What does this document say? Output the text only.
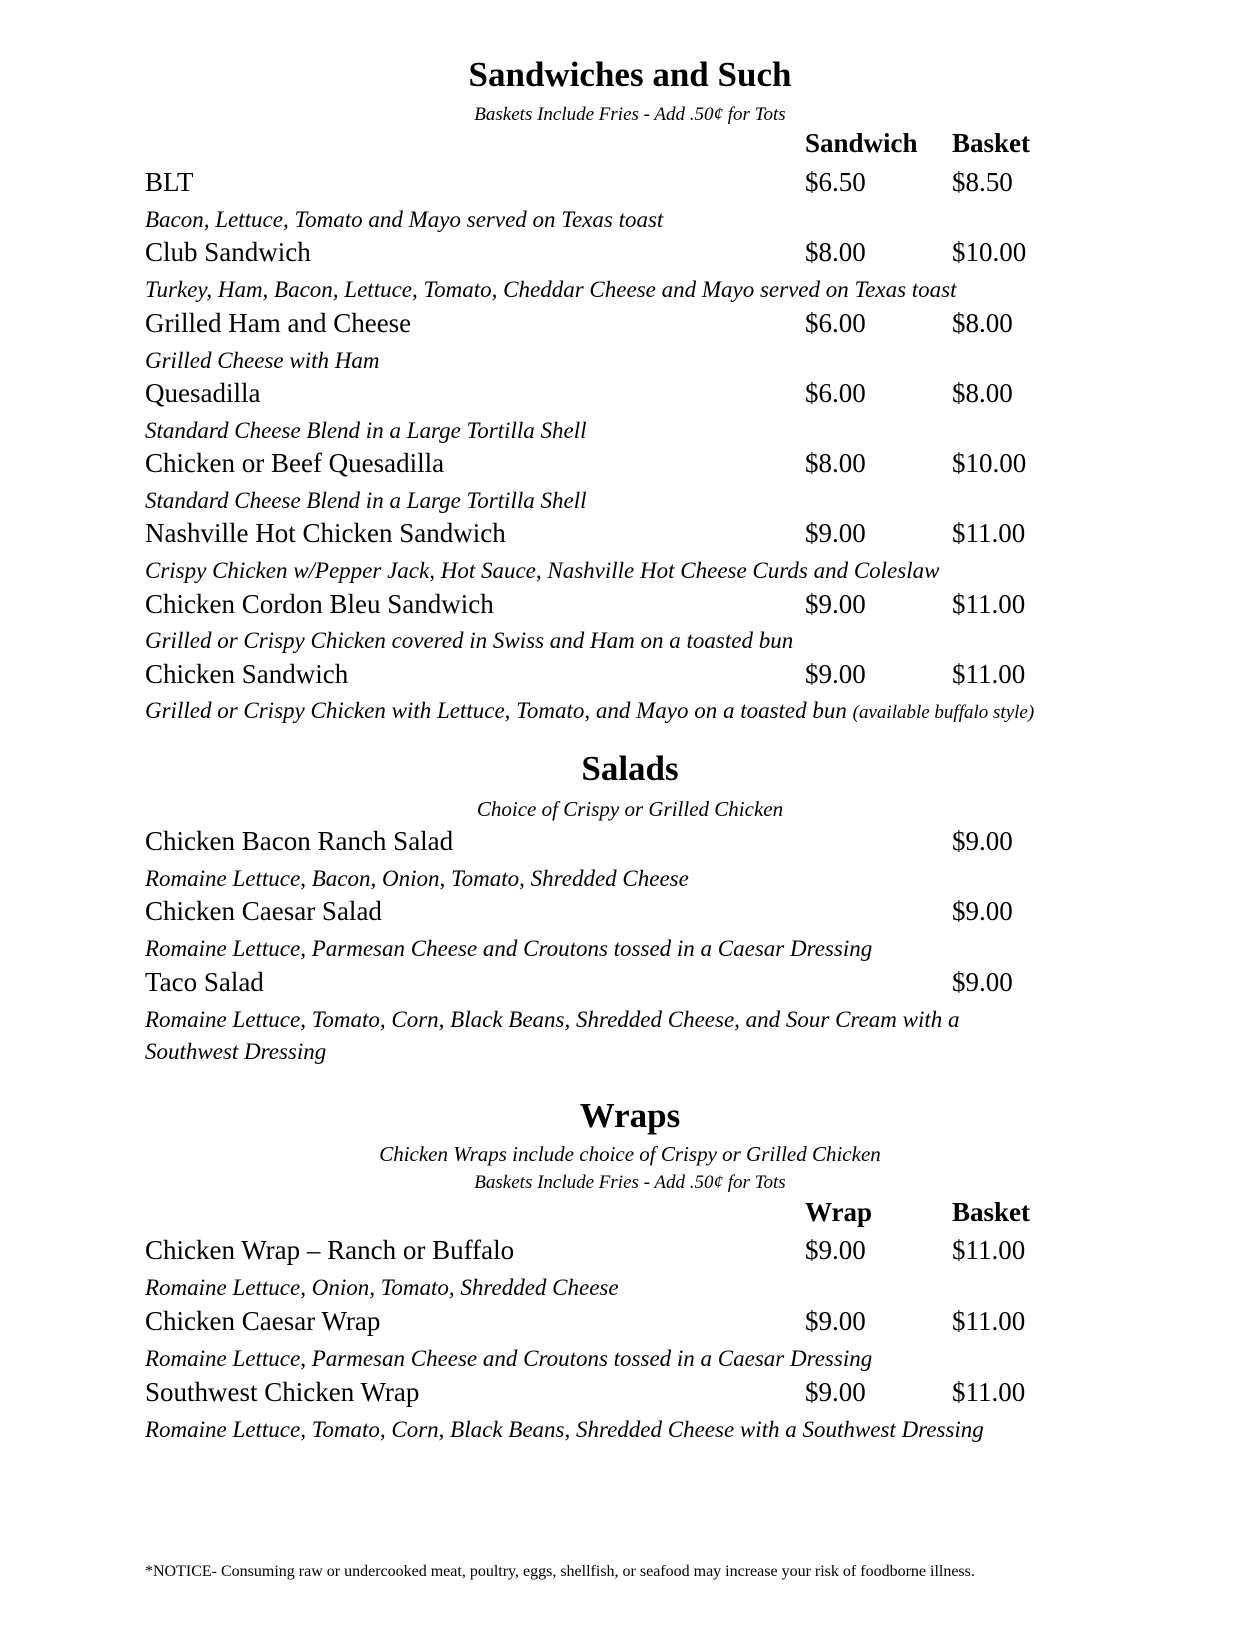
Sandwiches and Such
Baskets Include Fries - Add .50¢ for Tots
Sandwich Basket
BLT	$6.50	$8.50
Bacon, Lettuce, Tomato and Mayo served on Texas toast
Club Sandwich	$8.00	$10.00
Turkey, Ham, Bacon, Lettuce, Tomato, Cheddar Cheese and Mayo served on Texas toast
Grilled Ham and Cheese	$6.00	$8.00
Grilled Cheese with Ham
Quesadilla	$6.00	$8.00
Standard Cheese Blend in a Large Tortilla Shell
Chicken or Beef Quesadilla	$8.00	$10.00
Standard Cheese Blend in a Large Tortilla Shell
Nashville Hot Chicken Sandwich	$9.00	$11.00
Crispy Chicken w/Pepper Jack, Hot Sauce, Nashville Hot Cheese Curds and Coleslaw
Chicken Cordon Bleu Sandwich	$9.00	$11.00
Grilled or Crispy Chicken covered in Swiss and Ham on a toasted bun
Chicken Sandwich	$9.00	$11.00
Grilled or Crispy Chicken with Lettuce, Tomato, and Mayo on a toasted bun (available buffalo style)
Salads
Choice of Crispy or Grilled Chicken
Chicken Bacon Ranch Salad	$9.00
Romaine Lettuce, Bacon, Onion, Tomato, Shredded Cheese
Chicken Caesar Salad	$9.00
Romaine Lettuce, Parmesan Cheese and Croutons tossed in a Caesar Dressing
Taco Salad	$9.00
Romaine Lettuce, Tomato, Corn, Black Beans, Shredded Cheese, and Sour Cream with a
Southwest Dressing
Wraps
Chicken Wraps include choice of Crispy or Grilled Chicken
Baskets Include Fries - Add .50¢ for Tots
Wrap	Basket
Chicken Wrap – Ranch or Buffalo	$9.00	$11.00
Romaine Lettuce, Onion, Tomato, Shredded Cheese
Chicken Caesar Wrap	$9.00	$11.00
Romaine Lettuce, Parmesan Cheese and Croutons tossed in a Caesar Dressing
Southwest Chicken Wrap	$9.00	$11.00
Romaine Lettuce, Tomato, Corn, Black Beans, Shredded Cheese with a Southwest Dressing
*NOTICE- Consuming raw or undercooked meat, poultry, eggs, shellfish, or seafood may increase your risk of foodborne illness.
